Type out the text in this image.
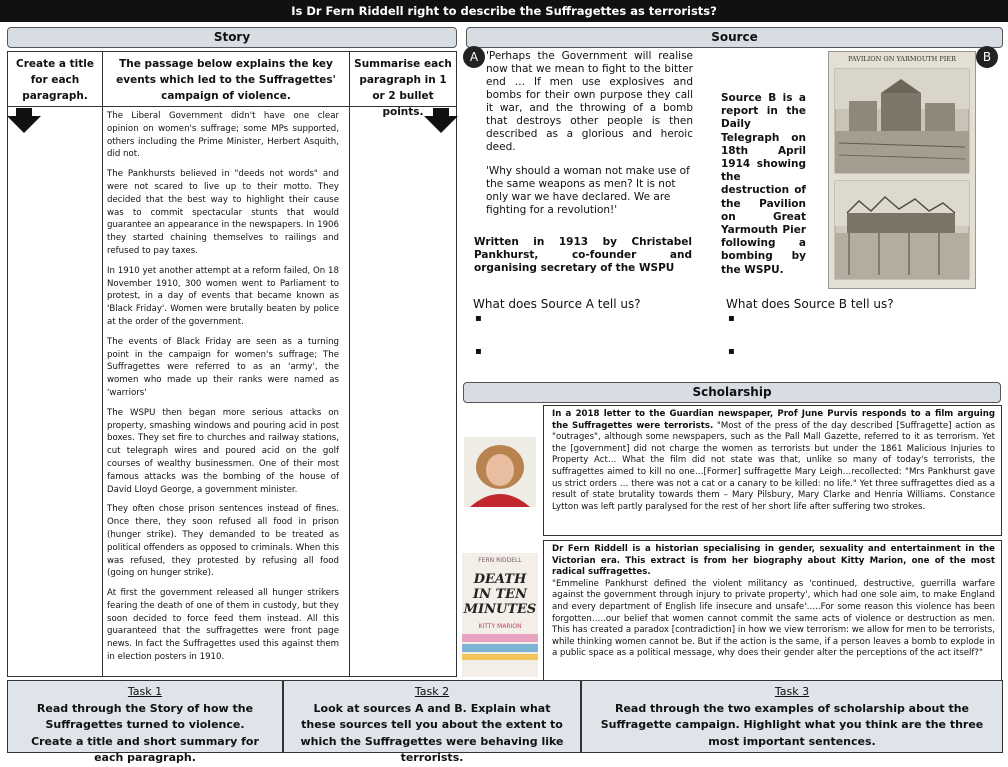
Is Dr Fern Riddell right to describe the Suffragettes as terrorists?
Story
Create a title for each paragraph.
The passage below explains the key events which led to the Suffragettes' campaign of violence.
Summarise each paragraph in 1 or 2 bullet points.

The Liberal Government didn't have one clear opinion on women's suffrage; some MPs supported, others including the Prime Minister, Herbert Asquith, did not.

The Pankhursts believed in "deeds not words" and were not scared to live up to their motto. They decided that the best way to highlight their cause was to commit spectacular stunts that would guarantee an appearance in the newspapers. In 1906 they started chaining themselves to railings and refused to pay taxes.

In 1910 yet another attempt at a reform failed, On 18 November 1910, 300 women went to Parliament to protest, in a day of events that became known as 'Black Friday'. Women were brutally beaten by police at the order of the government.

The events of Black Friday are seen as a turning point in the campaign for women's suffrage; The Suffragettes were referred to as an 'army', the women who made up their ranks were named as 'warriors'

The WSPU then began more serious attacks on property, smashing windows and pouring acid in post boxes. They set fire to churches and railway stations, cut telegraph wires and poured acid on the golf courses of wealthy businessmen. One of their most famous attacks was the bombing of the house of David Lloyd George, a government minister.

They often chose prison sentences instead of fines. Once there, they soon refused all food in prison (hunger strike). They demanded to be treated as political offenders as opposed to criminals. When this was refused, they protested by refusing all food (going on hunger strike).

At first the government released all hunger strikers fearing the death of one of them in custody, but they soon decided to force feed them instead. All this guaranteed that the suffragettes were front page news. In fact the Suffragettes used this against them in election posters in 1910.

Source
A	B
'Perhaps the Government will realise now that we mean to fight to the bitter end … If men use explosives and bombs for their own purpose they call it war, and the throwing of a bomb that destroys other people is then described as a glorious and heroic deed.
'Why should a woman not make use of the same weapons as men? It is not only war we have declared. We are fighting for a revolution!'
Written in 1913 by Christabel Pankhurst, co-founder and organising secretary of the WSPU
Source B is a report in the Daily Telegraph on 18th April 1914 showing the destruction of the Pavilion on Great Yarmouth Pier following a bombing by the WSPU.
PAVILION ON YARMOUTH PIER
What does Source A tell us?
▪
▪
What does Source B tell us?
▪
▪
Scholarship
In a 2018 letter to the Guardian newspaper, Prof June Purvis responds to a film arguing the Suffragettes were terrorists. "Most of the press of the day described [Suffragette] action as "outrages", although some newspapers, such as the Pall Mall Gazette, referred to it as terrorism. Yet the [government] did not charge the women as terrorists but under the 1861 Malicious Injuries to Property Act… What the film did not state was that, unlike so many of today's terrorists, the suffragettes aimed to kill no one…[Former] suffragette Mary Leigh…recollected: "Mrs Pankhurst gave us strict orders … there was not a cat or a canary to be killed: no life." Yet three suffragettes died as a result of state brutality towards them – Mary Pilsbury, Mary Clarke and Henria Williams. Constance Lytton was left partly paralysed for the rest of her short life after suffering two strokes.
FERN RIDDELL
DEATH
IN TEN
MINUTES
KITTY MARION
Dr Fern Riddell is a historian specialising in gender, sexuality and entertainment in the Victorian era. This extract is from her biography about Kitty Marion, one of the most radical suffragettes.
"Emmeline Pankhurst defined the violent militancy as 'continued, destructive, guerrilla warfare against the government through injury to private property', which had one sole aim, to make England and every department of English life insecure and unsafe'…..For some reason this violence has been forgotten…..our belief that women cannot commit the same acts of violence or destruction as men. This has created a paradox [contradiction] in how we view terrorism: we allow for men to be terrorists, while thinking women cannot be. But if the action is the same, if a person leaves a bomb to explode in a public space as a political message, why does their gender alter the perceptions of the act itself?"
Task 1
Read through the Story of how the Suffragettes turned to violence. Create a title and short summary for each paragraph.
Task 2
Look at sources A and B. Explain what these sources tell you about the extent to which the Suffragettes were behaving like terrorists.
Task 3
Read through the two examples of scholarship about the Suffragette campaign. Highlight what you think are the three most important sentences.
